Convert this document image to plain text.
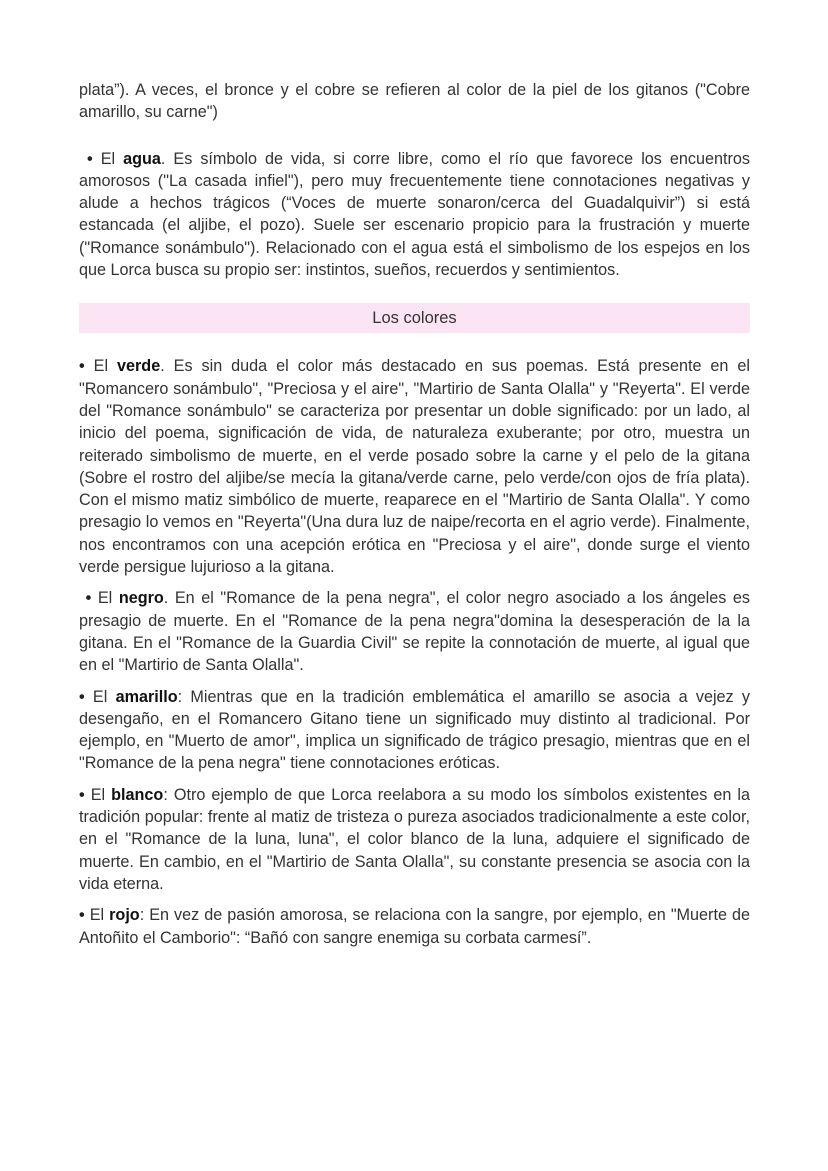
plata”). A veces, el bronce y el cobre se refieren al color de la piel de los gitanos ("Cobre amarillo, su carne")

• El agua. Es símbolo de vida, si corre libre, como el río que favorece los encuentros amorosos ("La casada infiel"), pero muy frecuentemente tiene connotaciones negativas y alude a hechos trágicos (“Voces de muerte sonaron/cerca del Guadalquivir”) si está estancada (el aljibe, el pozo). Suele ser escenario propicio para la frustración y muerte ("Romance sonámbulo"). Relacionado con el agua está el simbolismo de los espejos en los que Lorca busca su propio ser: instintos, sueños, recuerdos y sentimientos.

Los colores

• El verde. Es sin duda el color más destacado en sus poemas. Está presente en el "Romancero sonámbulo", "Preciosa y el aire", "Martirio de Santa Olalla" y "Reyerta". El verde del "Romance sonámbulo" se caracteriza por presentar un doble significado: por un lado, al inicio del poema, significación de vida, de naturaleza exuberante; por otro, muestra un reiterado simbolismo de muerte, en el verde posado sobre la carne y el pelo de la gitana (Sobre el rostro del aljibe/se mecía la gitana/verde carne, pelo verde/con ojos de fría plata). Con el mismo matiz simbólico de muerte, reaparece en el "Martirio de Santa Olalla". Y como presagio lo vemos en "Reyerta"(Una dura luz de naipe/recorta en el agrio verde). Finalmente, nos encontramos con una acepción erótica en "Preciosa y el aire", donde surge el viento verde persigue lujurioso a la gitana.

• El negro. En el "Romance de la pena negra", el color negro asociado a los ángeles es presagio de muerte. En el "Romance de la pena negra"domina la desesperación de la la gitana. En el "Romance de la Guardia Civil" se repite la connotación de muerte, al igual que en el "Martirio de Santa Olalla".

• El amarillo: Mientras que en la tradición emblemática el amarillo se asocia a vejez y desengaño, en el Romancero Gitano tiene un significado muy distinto al tradicional. Por ejemplo, en "Muerto de amor", implica un significado de trágico presagio, mientras que en el "Romance de la pena negra" tiene connotaciones eróticas.

• El blanco: Otro ejemplo de que Lorca reelabora a su modo los símbolos existentes en la tradición popular: frente al matiz de tristeza o pureza asociados tradicionalmente a este color, en el "Romance de la luna, luna", el color blanco de la luna, adquiere el significado de muerte. En cambio, en el "Martirio de Santa Olalla", su constante presencia se asocia con la vida eterna.

• El rojo: En vez de pasión amorosa, se relaciona con la sangre, por ejemplo, en "Muerte de Antoñito el Camborio": “Bañó con sangre enemiga su corbata carmesí”.
